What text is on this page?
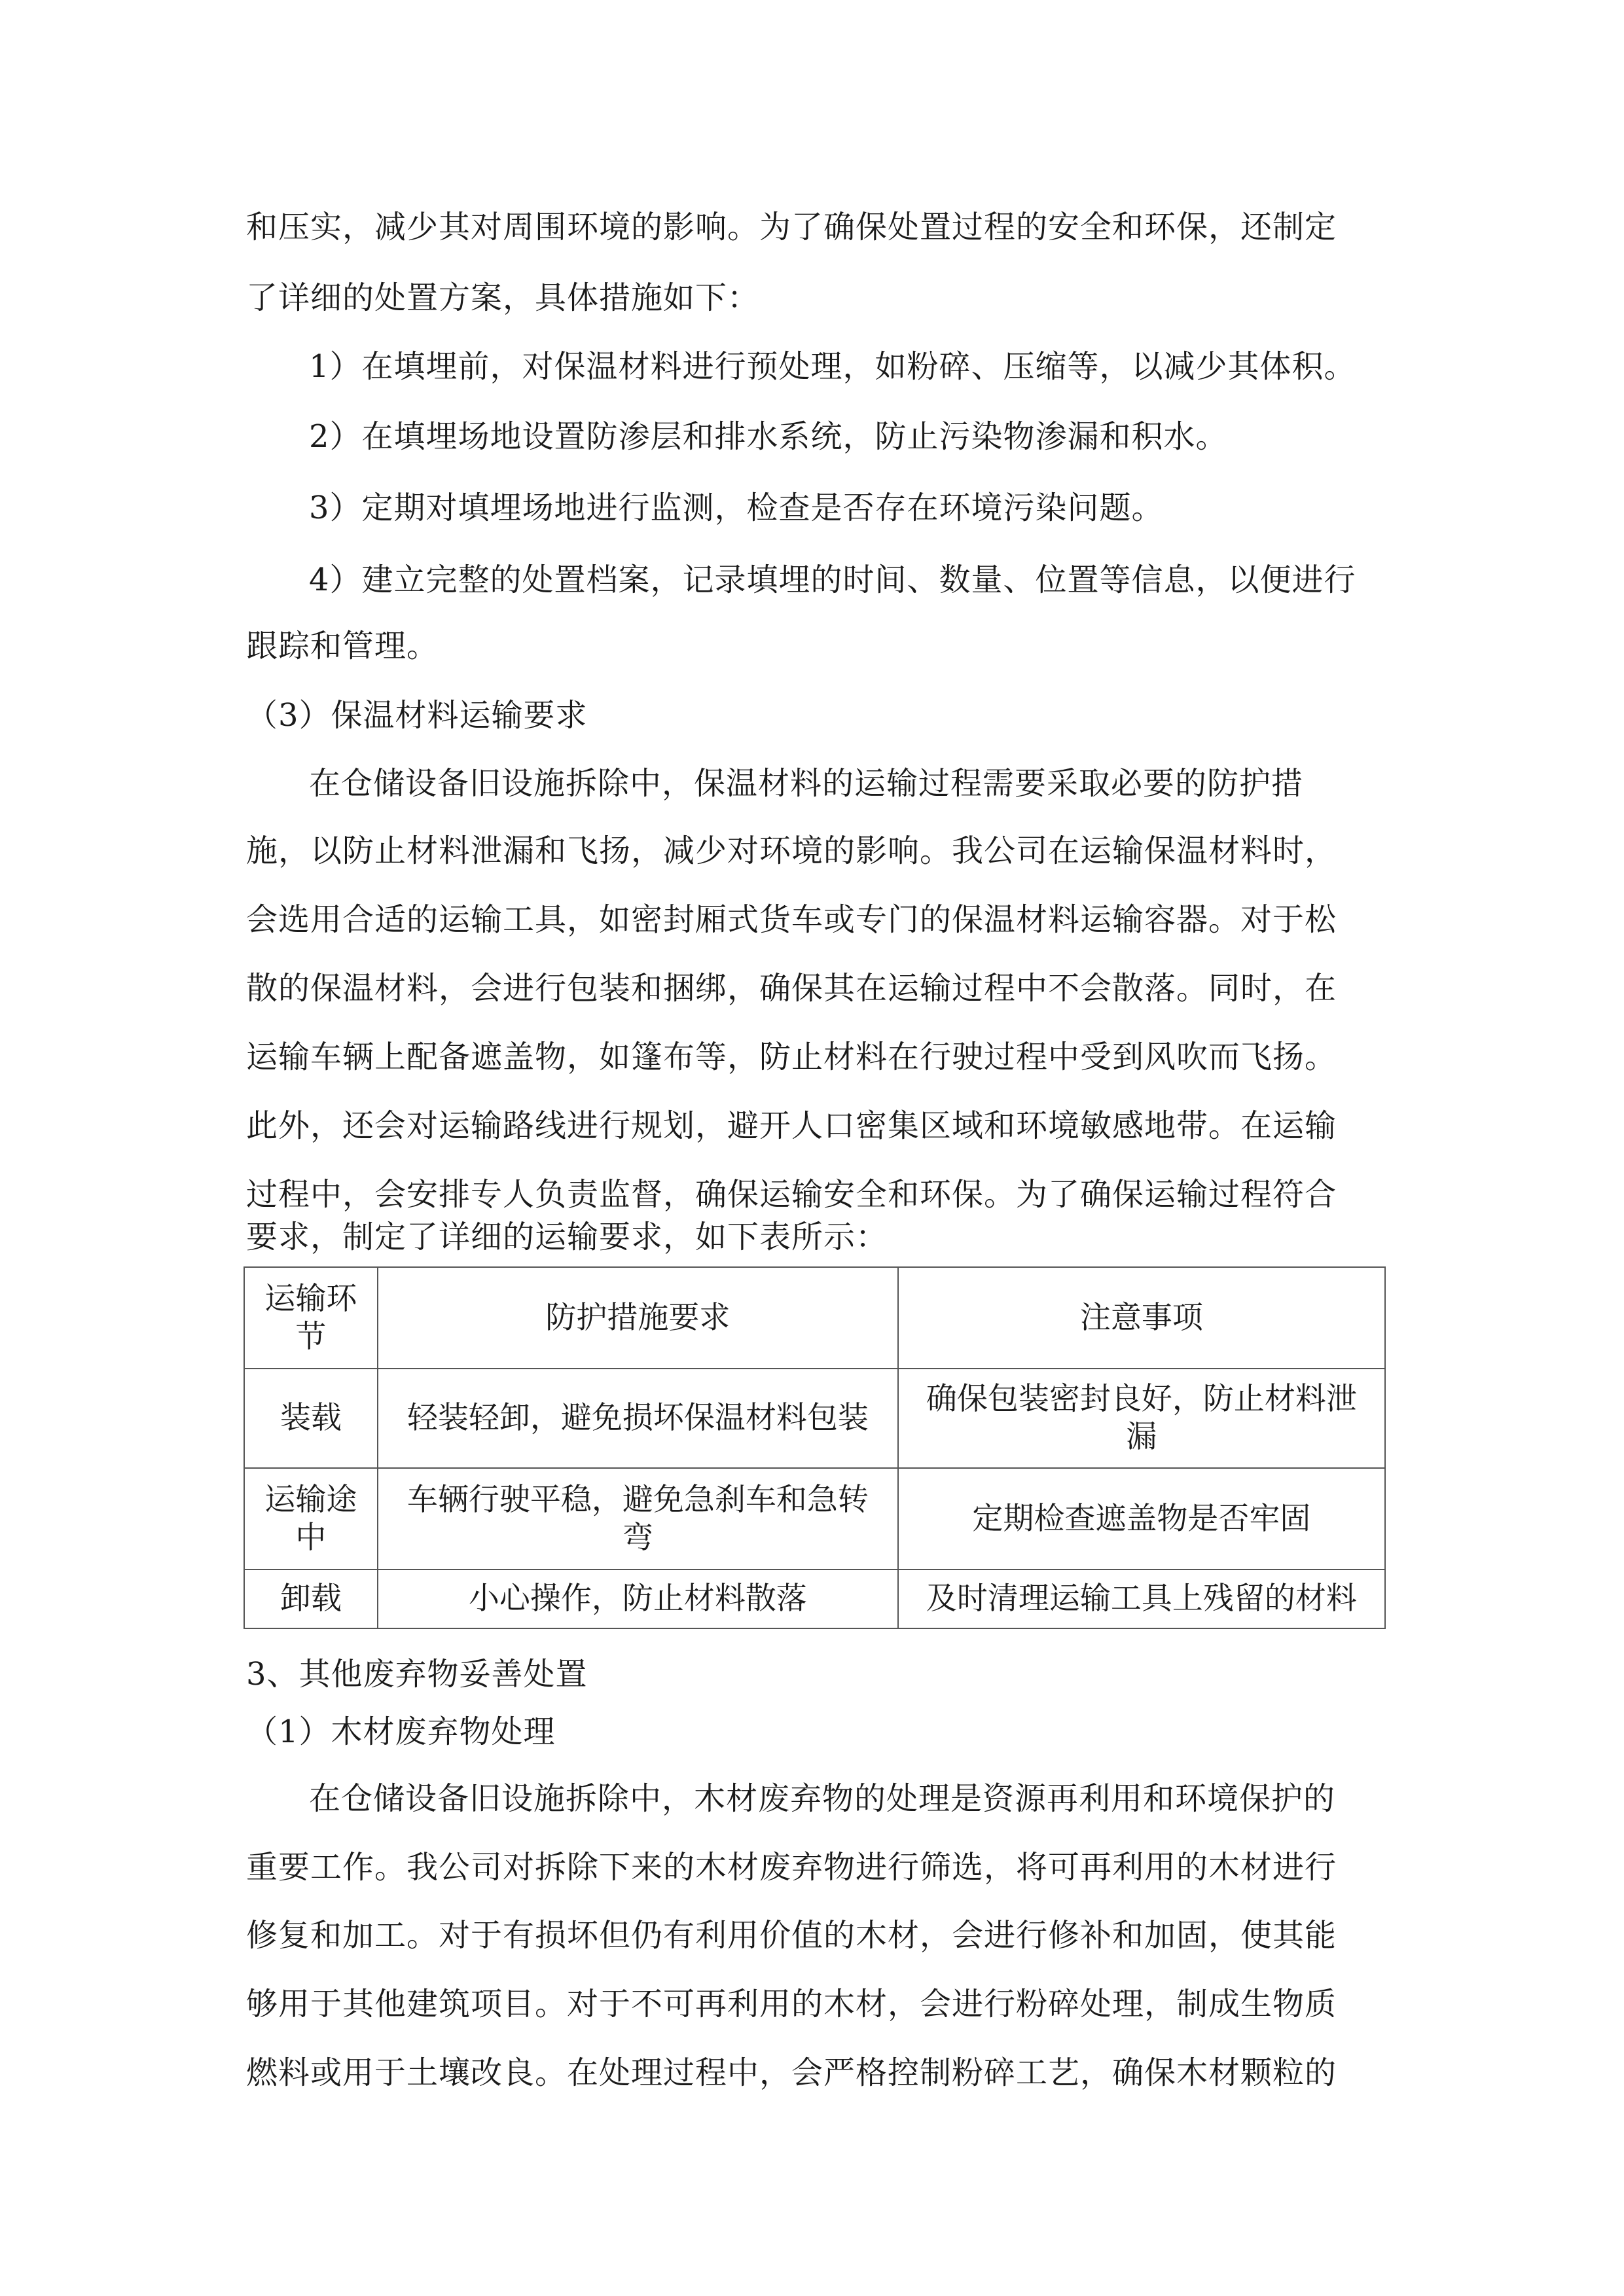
和压实，减少其对周围环境的影响。为了确保处置过程的安全和环保，还制定
了详细的处置方案，具体措施如下：
1）在填埋前，对保温材料进行预处理，如粉碎、压缩等，以减少其体积。
2）在填埋场地设置防渗层和排水系统，防止污染物渗漏和积水。
3）定期对填埋场地进行监测，检查是否存在环境污染问题。
4）建立完整的处置档案，记录填埋的时间、数量、位置等信息，以便进行
跟踪和管理。
（3）保温材料运输要求
在仓储设备旧设施拆除中，保温材料的运输过程需要采取必要的防护措
施，以防止材料泄漏和飞扬，减少对环境的影响。我公司在运输保温材料时，
会选用合适的运输工具，如密封厢式货车或专门的保温材料运输容器。对于松
散的保温材料，会进行包装和捆绑，确保其在运输过程中不会散落。同时，在
运输车辆上配备遮盖物，如篷布等，防止材料在行驶过程中受到风吹而飞扬。
此外，还会对运输路线进行规划，避开人口密集区域和环境敏感地带。在运输
过程中，会安排专人负责监督，确保运输安全和环保。为了确保运输过程符合
要求，制定了详细的运输要求，如下表所示：
运输环
节	防护措施要求	注意事项
装载	轻装轻卸，避免损坏保温材料包装	确保包装密封良好，防止材料泄
漏
运输途
中	车辆行驶平稳，避免急刹车和急转
弯	定期检查遮盖物是否牢固
卸载	小心操作，防止材料散落	及时清理运输工具上残留的材料
3、其他废弃物妥善处置
（1）木材废弃物处理
在仓储设备旧设施拆除中，木材废弃物的处理是资源再利用和环境保护的
重要工作。我公司对拆除下来的木材废弃物进行筛选，将可再利用的木材进行
修复和加工。对于有损坏但仍有利用价值的木材，会进行修补和加固，使其能
够用于其他建筑项目。对于不可再利用的木材，会进行粉碎处理，制成生物质
燃料或用于土壤改良。在处理过程中，会严格控制粉碎工艺，确保木材颗粒的
